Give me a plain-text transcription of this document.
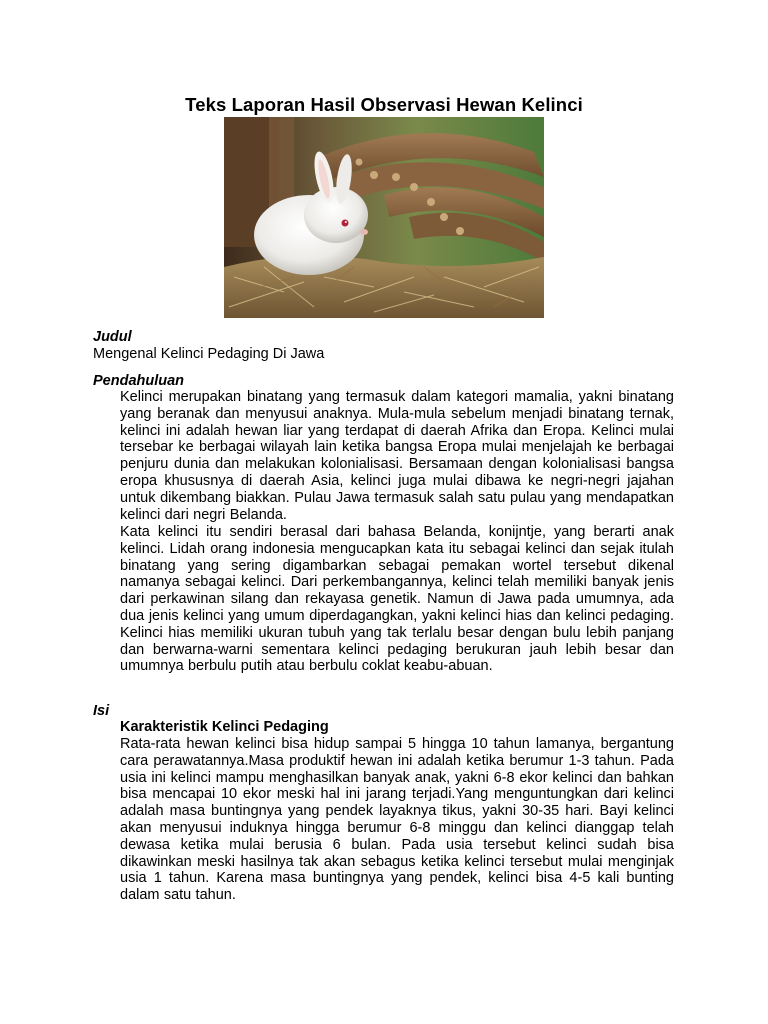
Teks Laporan Hasil Observasi Hewan Kelinci
Judul
Mengenal Kelinci Pedaging Di Jawa
Pendahuluan

Kelinci merupakan binatang yang termasuk dalam kategori mamalia, yakni binatang yang beranak dan menyusui anaknya. Mula-mula sebelum menjadi binatang ternak, kelinci ini adalah hewan liar yang terdapat di daerah Afrika dan Eropa. Kelinci mulai tersebar ke berbagai wilayah lain ketika bangsa Eropa mulai menjelajah ke berbagai penjuru dunia dan melakukan kolonialisasi. Bersamaan dengan kolonialisasi bangsa eropa khususnya di daerah Asia, kelinci juga mulai dibawa ke negri-negri jajahan untuk dikembang biakkan. Pulau Jawa termasuk salah satu pulau yang mendapatkan kelinci dari negri Belanda.

Kata kelinci itu sendiri berasal dari bahasa Belanda, konijntje, yang berarti anak kelinci. Lidah orang indonesia mengucapkan kata itu sebagai kelinci dan sejak itulah binatang yang sering digambarkan sebagai pemakan wortel tersebut dikenal namanya sebagai kelinci. Dari perkembangannya, kelinci telah memiliki banyak jenis dari perkawinan silang dan rekayasa genetik. Namun di Jawa pada umumnya, ada dua jenis kelinci yang umum diperdagangkan, yakni kelinci hias dan kelinci pedaging. Kelinci hias memiliki ukuran tubuh yang tak terlalu besar dengan bulu lebih panjang dan berwarna-warni sementara kelinci pedaging berukuran jauh lebih besar dan umumnya berbulu putih atau berbulu coklat keabu-abuan.

Isi
Karakteristik Kelinci Pedaging

Rata-rata hewan kelinci bisa hidup sampai 5 hingga 10 tahun lamanya, bergantung cara perawatannya.Masa produktif hewan ini adalah ketika berumur 1-3 tahun. Pada usia ini kelinci mampu menghasilkan banyak anak, yakni 6-8 ekor kelinci dan bahkan bisa mencapai 10 ekor meski hal ini jarang terjadi.Yang menguntungkan dari kelinci adalah masa buntingnya yang pendek layaknya tikus, yakni 30-35 hari. Bayi kelinci akan menyusui induknya hingga berumur 6-8 minggu dan kelinci dianggap telah dewasa ketika mulai berusia 6 bulan. Pada usia tersebut kelinci sudah bisa dikawinkan meski hasilnya tak akan sebagus ketika kelinci tersebut mulai menginjak usia 1 tahun. Karena masa buntingnya yang pendek, kelinci bisa 4-5 kali bunting dalam satu tahun.
